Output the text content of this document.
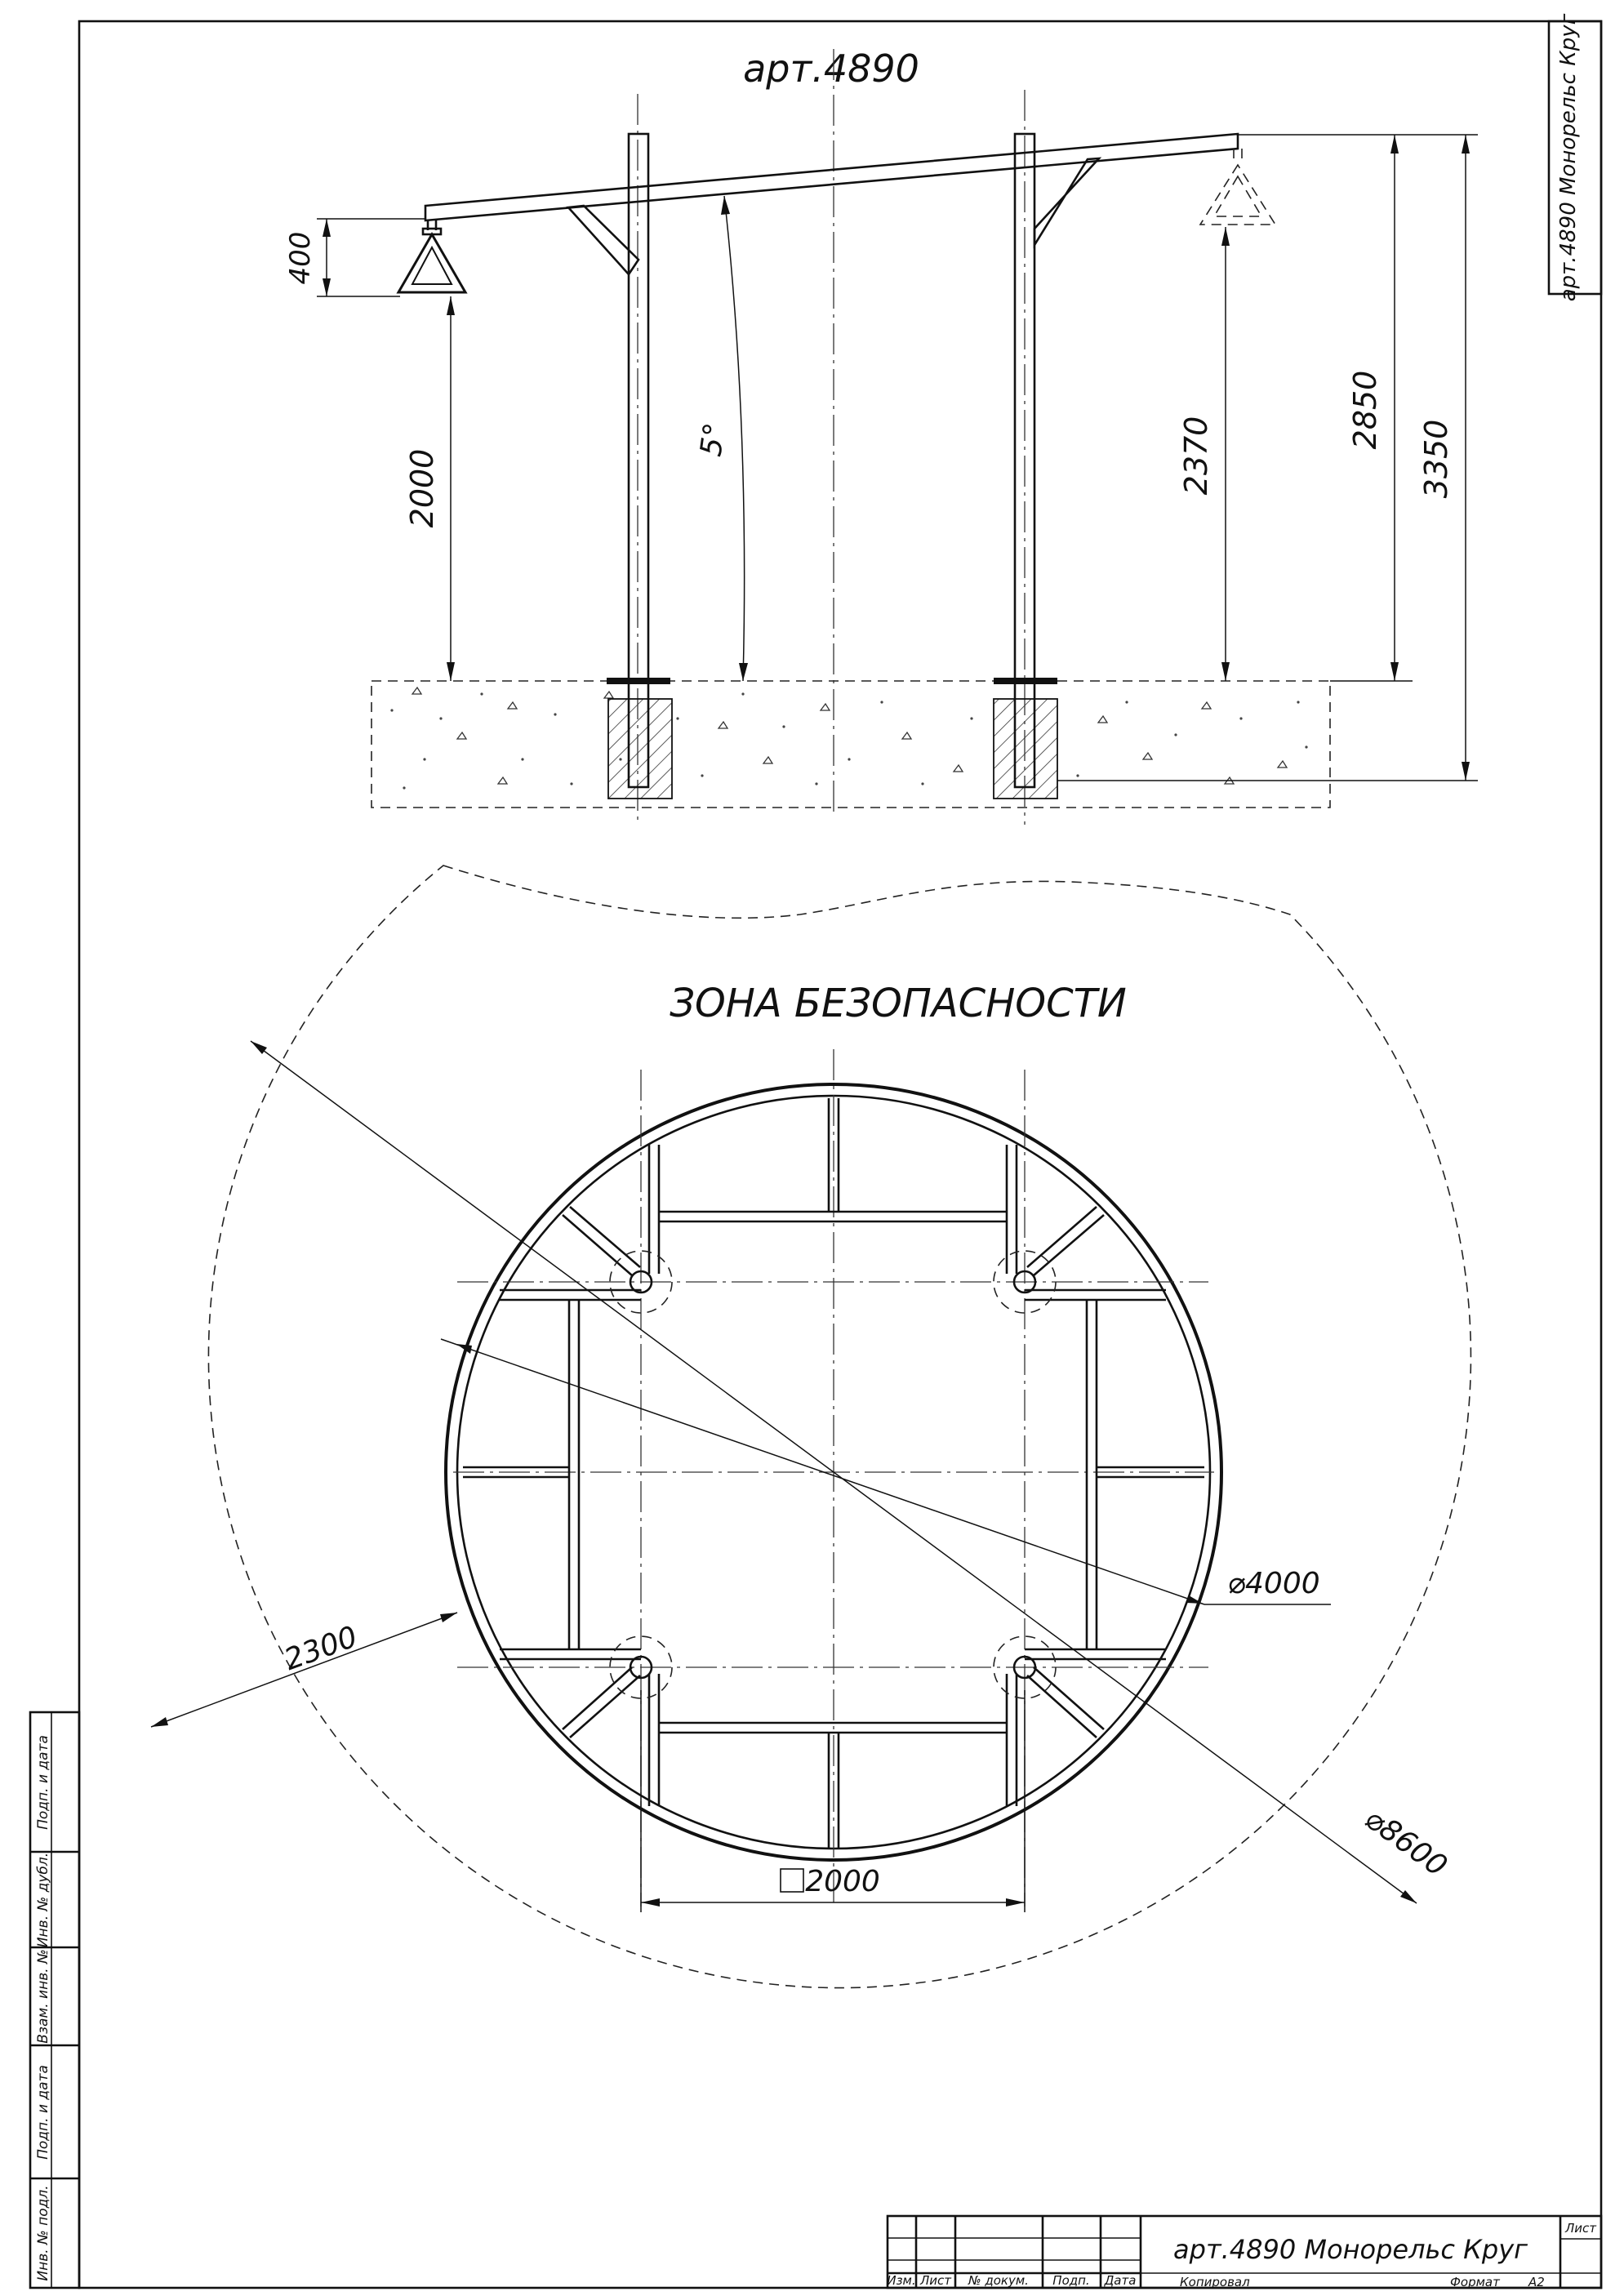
арт.4890 Монорельс Круг
Подп. и дата
Инв. № дубл.
Взам. инв. №
Подп. и дата
Инв. № подл.	Изм. Лист № докум. Подп. Дата
арт.4890 Монорельс Круг
Лист
Копировал	Формат А2
арт.4890
400
2000
5°	2370
2850
3350
ЗОНА БЕЗОПАСНОСТИ
⌀8600
⌀4000
2300
2000
